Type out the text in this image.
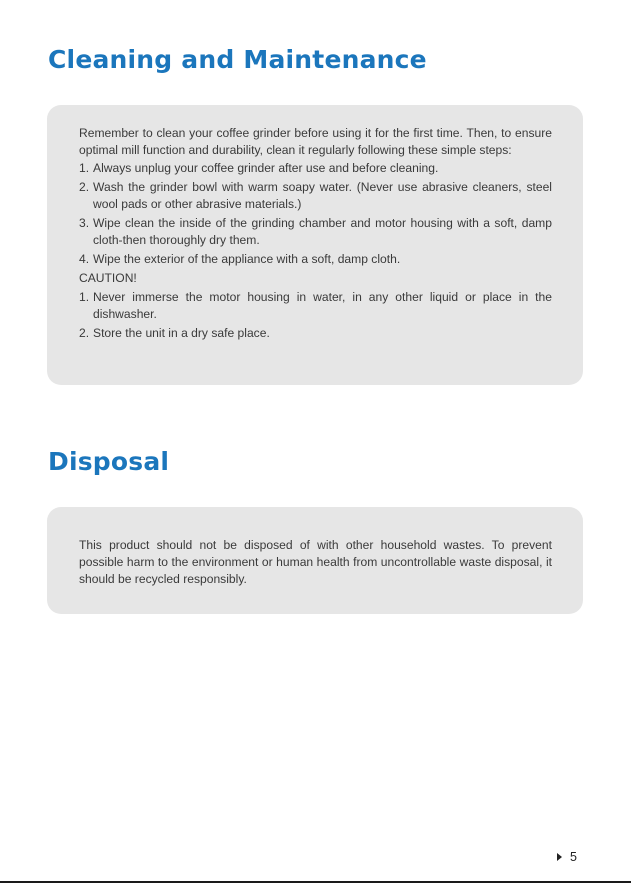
Cleaning and Maintenance

Remember to clean your coffee grinder before using it for the first time. Then, to ensure optimal mill function and durability, clean it regularly following these simple steps:

1. Always unplug your coffee grinder after use and before cleaning.
2. Wash the grinder bowl with warm soapy water. (Never use abrasive cleaners, steel wool pads or other abrasive materials.)
3. Wipe clean the inside of the grinding chamber and motor housing with a soft, damp cloth-then thoroughly dry them.
4. Wipe the exterior of the appliance with a soft, damp cloth.

CAUTION!

1. Never immerse the motor housing in water, in any other liquid or place in the dishwasher.
2. Store the unit in a dry safe place.
Disposal

This product should not be disposed of with other household wastes. To prevent possible harm to the environment or human health from uncontrollable waste disposal, it should be recycled responsibly.

5
